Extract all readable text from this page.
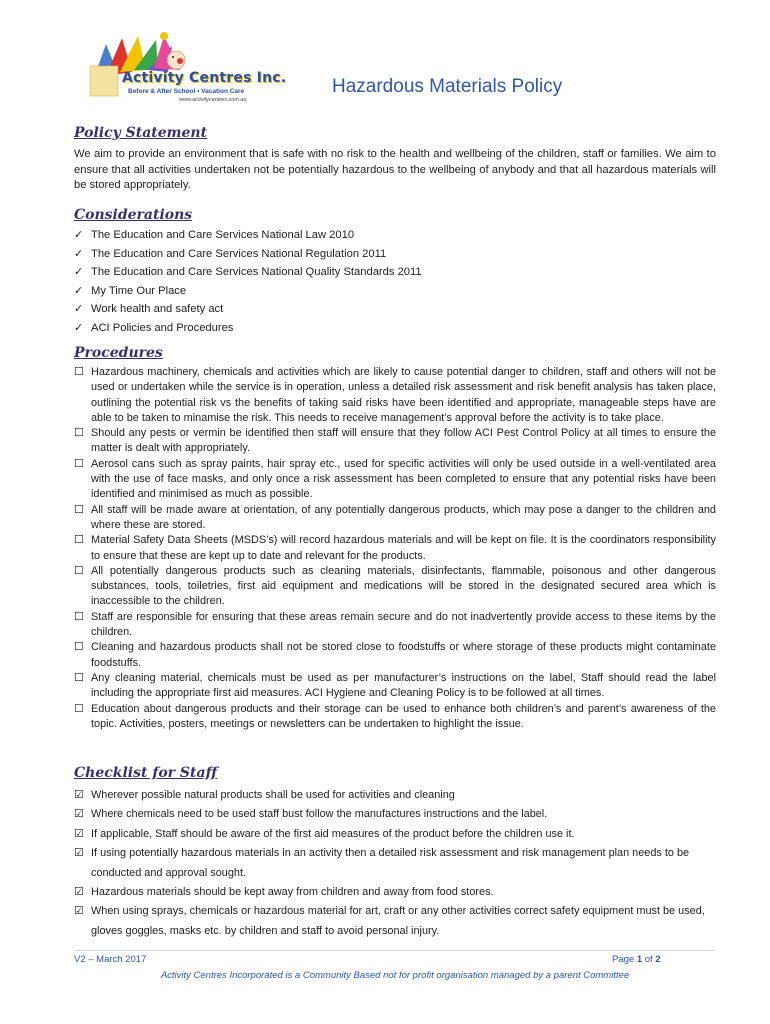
Activity Centres Inc.
Before & After School • Vacation Care
www.activitycentres.com.au
Hazardous Materials Policy
Policy Statement
We aim to provide an environment that is safe with no risk to the health and wellbeing of the children, staff or families. We aim to ensure that all activities undertaken not be potentially hazardous to the wellbeing of anybody and that all hazardous materials will be stored appropriately.
Considerations
✓ The Education and Care Services National Law 2010
✓ The Education and Care Services National Regulation 2011
✓ The Education and Care Services National Quality Standards 2011
✓ My Time Our Place
✓ Work health and safety act
✓ ACI Policies and Procedures
Procedures
☐ Hazardous machinery, chemicals and activities which are likely to cause potential danger to children, staff and others will not be used or undertaken while the service is in operation, unless a detailed risk assessment and risk benefit analysis has taken place, outlining the potential risk vs the benefits of taking said risks have been identified and appropriate, manageable steps have are able to be taken to minamise the risk. This needs to receive management’s approval before the activity is to take place.
☐ Should any pests or vermin be identified then staff will ensure that they follow ACI Pest Control Policy at all times to ensure the matter is dealt with appropriately.
☐ Aerosol cans such as spray paints, hair spray etc., used for specific activities will only be used outside in a well-ventilated area with the use of face masks, and only once a risk assessment has been completed to ensure that any potential risks have been identified and minimised as much as possible.
☐ All staff will be made aware at orientation, of any potentially dangerous products, which may pose a danger to the children and where these are stored.
☐ Material Safety Data Sheets (MSDS’s) will record hazardous materials and will be kept on file. It is the coordinators responsibility to ensure that these are kept up to date and relevant for the products.
☐ All potentially dangerous products such as cleaning materials, disinfectants, flammable, poisonous and other dangerous substances, tools, toiletries, first aid equipment and medications will be stored in the designated secured area which is inaccessible to the children.
☐ Staff are responsible for ensuring that these areas remain secure and do not inadvertently provide access to these items by the children.
☐ Cleaning and hazardous products shall not be stored close to foodstuffs or where storage of these products might contaminate foodstuffs.
☐ Any cleaning material, chemicals must be used as per manufacturer’s instructions on the label, Staff should read the label including the appropriate first aid measures. ACI Hygiene and Cleaning Policy is to be followed at all times.
☐ Education about dangerous products and their storage can be used to enhance both children’s and parent’s awareness of the topic. Activities, posters, meetings or newsletters can be undertaken to highlight the issue.
Checklist for Staff
☑ Wherever possible natural products shall be used for activities and cleaning
☑ Where chemicals need to be used staff bust follow the manufactures instructions and the label.
☑ If applicable, Staff should be aware of the first aid measures of the product before the children use it.
☑ If using potentially hazardous materials in an activity then a detailed risk assessment and risk management plan needs to be conducted and approval sought.
☑ Hazardous materials should be kept away from children and away from food stores.
☑ When using sprays, chemicals or hazardous material for art, craft or any other activities correct safety equipment must be used, gloves goggles, masks etc. by children and staff to avoid personal injury.
V2 – March 2017	Page 1 of 2
Activity Centres Incorporated is a Community Based not for profit organisation managed by a parent Committee
